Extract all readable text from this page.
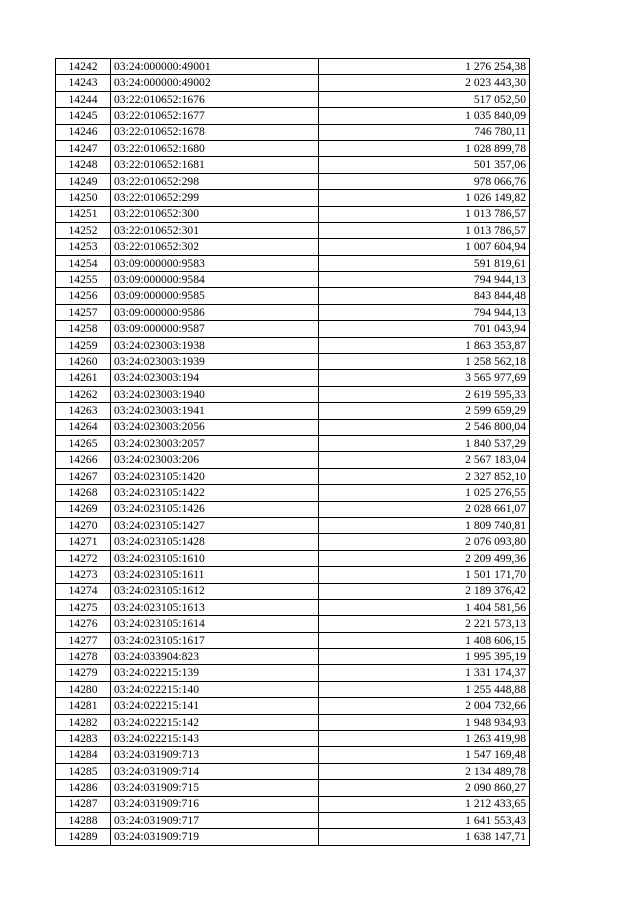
14242	03:24:000000:49001	1 276 254,38
14243	03:24:000000:49002	2 023 443,30
14244	03:22:010652:1676	517 052,50
14245	03:22:010652:1677	1 035 840,09
14246	03:22:010652:1678	746 780,11
14247	03:22:010652:1680	1 028 899,78
14248	03:22:010652:1681	501 357,06
14249	03:22:010652:298	978 066,76
14250	03:22:010652:299	1 026 149,82
14251	03:22:010652:300	1 013 786,57
14252	03:22:010652:301	1 013 786,57
14253	03:22:010652:302	1 007 604,94
14254	03:09:000000:9583	591 819,61
14255	03:09:000000:9584	794 944,13
14256	03:09:000000:9585	843 844,48
14257	03:09:000000:9586	794 944,13
14258	03:09:000000:9587	701 043,94
14259	03:24:023003:1938	1 863 353,87
14260	03:24:023003:1939	1 258 562,18
14261	03:24:023003:194	3 565 977,69
14262	03:24:023003:1940	2 619 595,33
14263	03:24:023003:1941	2 599 659,29
14264	03:24:023003:2056	2 546 800,04
14265	03:24:023003:2057	1 840 537,29
14266	03:24:023003:206	2 567 183,04
14267	03:24:023105:1420	2 327 852,10
14268	03:24:023105:1422	1 025 276,55
14269	03:24:023105:1426	2 028 661,07
14270	03:24:023105:1427	1 809 740,81
14271	03:24:023105:1428	2 076 093,80
14272	03:24:023105:1610	2 209 499,36
14273	03:24:023105:1611	1 501 171,70
14274	03:24:023105:1612	2 189 376,42
14275	03:24:023105:1613	1 404 581,56
14276	03:24:023105:1614	2 221 573,13
14277	03:24:023105:1617	1 408 606,15
14278	03:24:033904:823	1 995 395,19
14279	03:24:022215:139	1 331 174,37
14280	03:24:022215:140	1 255 448,88
14281	03:24:022215:141	2 004 732,66
14282	03:24:022215:142	1 948 934,93
14283	03:24:022215:143	1 263 419,98
14284	03:24:031909:713	1 547 169,48
14285	03:24:031909:714	2 134 489,78
14286	03:24:031909:715	2 090 860,27
14287	03:24:031909:716	1 212 433,65
14288	03:24:031909:717	1 641 553,43
14289	03:24:031909:719	1 638 147,71
